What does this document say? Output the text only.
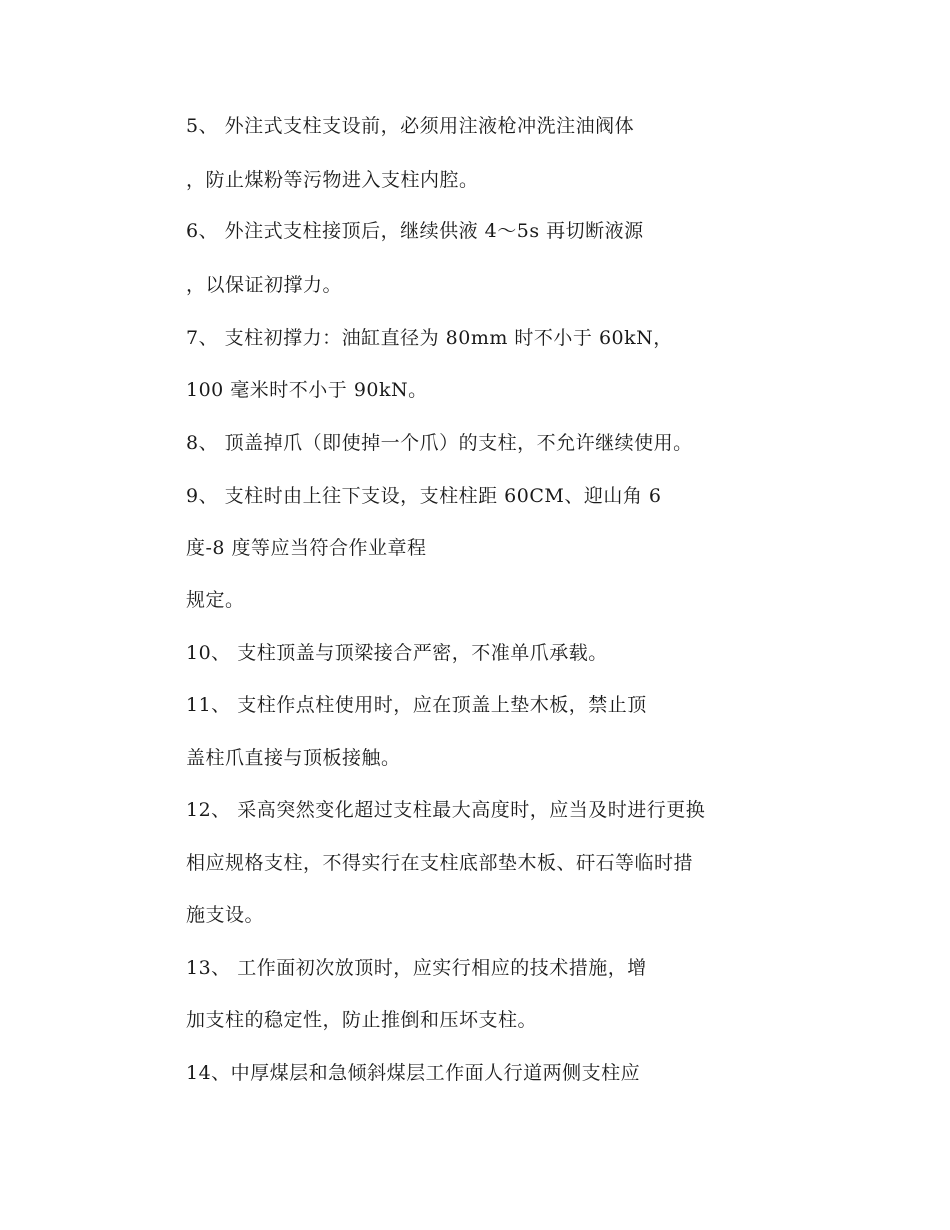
5、 外注式支柱支设前，必须用注液枪冲洗注油阀体
，防止煤粉等污物进入支柱内腔。
6、 外注式支柱接顶后，继续供液 4～5s 再切断液源
，以保证初撑力。
7、 支柱初撑力：油缸直径为 80mm 时不小于 60kN，
100 毫米时不小于 90kN。
8、 顶盖掉爪（即使掉一个爪）的支柱，不允许继续使用。
9、 支柱时由上往下支设，支柱柱距 60CM、迎山角 6
度-8 度等应当符合作业章程
规定。
10、 支柱顶盖与顶梁接合严密，不准单爪承载。
11、 支柱作点柱使用时，应在顶盖上垫木板，禁止顶
盖柱爪直接与顶板接触。
12、 采高突然变化超过支柱最大高度时，应当及时进行更换
相应规格支柱，不得实行在支柱底部垫木板、矸石等临时措
施支设。
13、 工作面初次放顶时，应实行相应的技术措施，增
加支柱的稳定性，防止推倒和压坏支柱。
14、中厚煤层和急倾斜煤层工作面人行道两侧支柱应
